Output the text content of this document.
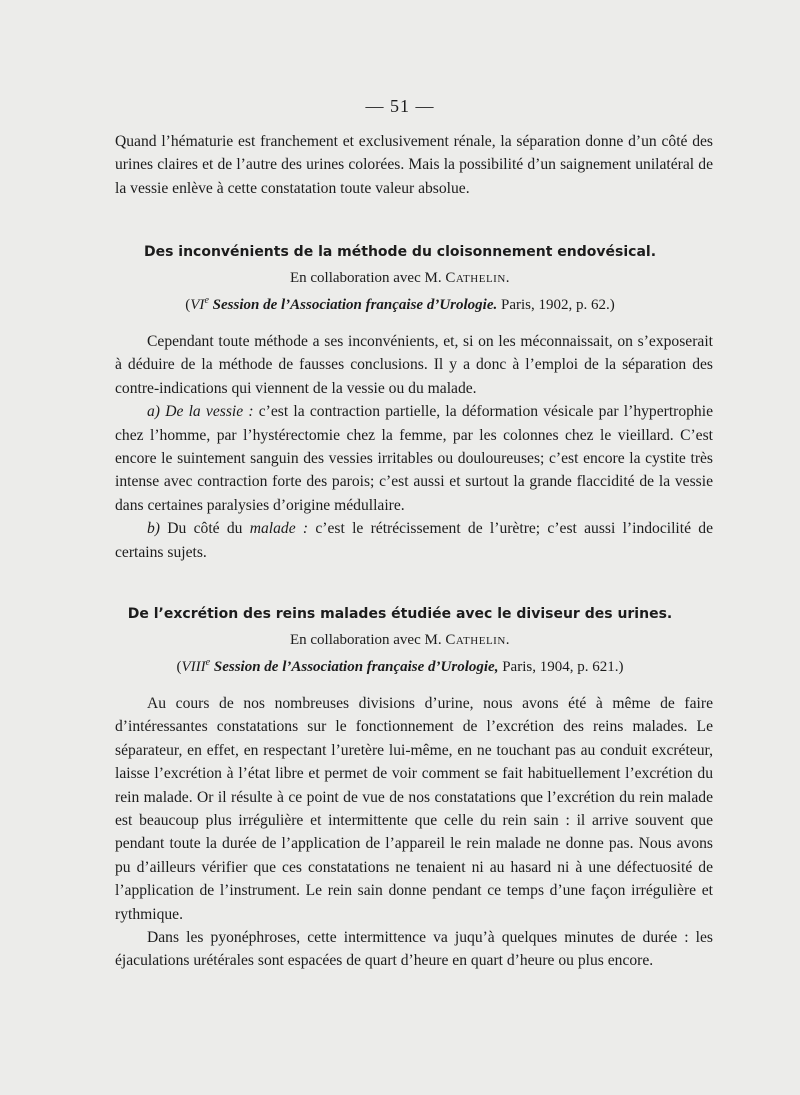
— 51 —

Quand l’hématurie est franchement et exclusivement rénale, la séparation donne d’un côté des urines claires et de l’autre des urines colorées. Mais la possibilité d’un saignement unilatéral de la vessie enlève à cette constatation toute valeur absolue.

Des inconvénients de la méthode du cloisonnement endovésical.
En collaboration avec M. Cathelin.
(VIe Session de l’Association française d’Urologie. Paris, 1902, p. 62.)

Cependant toute méthode a ses inconvénients, et, si on les méconnaissait, on s’exposerait à déduire de la méthode de fausses conclusions. Il y a donc à l’emploi de la séparation des contre-indications qui viennent de la vessie ou du malade.

a) De la vessie : c’est la contraction partielle, la déformation vésicale par l’hypertrophie chez l’homme, par l’hystérectomie chez la femme, par les colonnes chez le vieillard. C’est encore le suintement sanguin des vessies irritables ou douloureuses; c’est encore la cystite très intense avec contraction forte des parois; c’est aussi et surtout la grande flaccidité de la vessie dans certaines paralysies d’origine médullaire.

b) Du côté du malade : c’est le rétrécissement de l’urètre; c’est aussi l’indocilité de certains sujets.

De l’excrétion des reins malades étudiée avec le diviseur des urines.
En collaboration avec M. Cathelin.
(VIIIe Session de l’Association française d’Urologie, Paris, 1904, p. 621.)

Au cours de nos nombreuses divisions d’urine, nous avons été à même de faire d’intéressantes constatations sur le fonctionnement de l’excrétion des reins malades. Le séparateur, en effet, en respectant l’uretère lui-même, en ne touchant pas au conduit excréteur, laisse l’excrétion à l’état libre et permet de voir comment se fait habituellement l’excrétion du rein malade. Or il résulte à ce point de vue de nos constatations que l’excrétion du rein malade est beaucoup plus irrégulière et intermittente que celle du rein sain : il arrive souvent que pendant toute la durée de l’application de l’appareil le rein malade ne donne pas. Nous avons pu d’ailleurs vérifier que ces constatations ne tenaient ni au hasard ni à une défectuosité de l’application de l’instrument. Le rein sain donne pendant ce temps d’une façon irrégulière et rythmique.

Dans les pyonéphroses, cette intermittence va juqu’à quelques minutes de durée : les éjaculations urétérales sont espacées de quart d’heure en quart d’heure ou plus encore.
